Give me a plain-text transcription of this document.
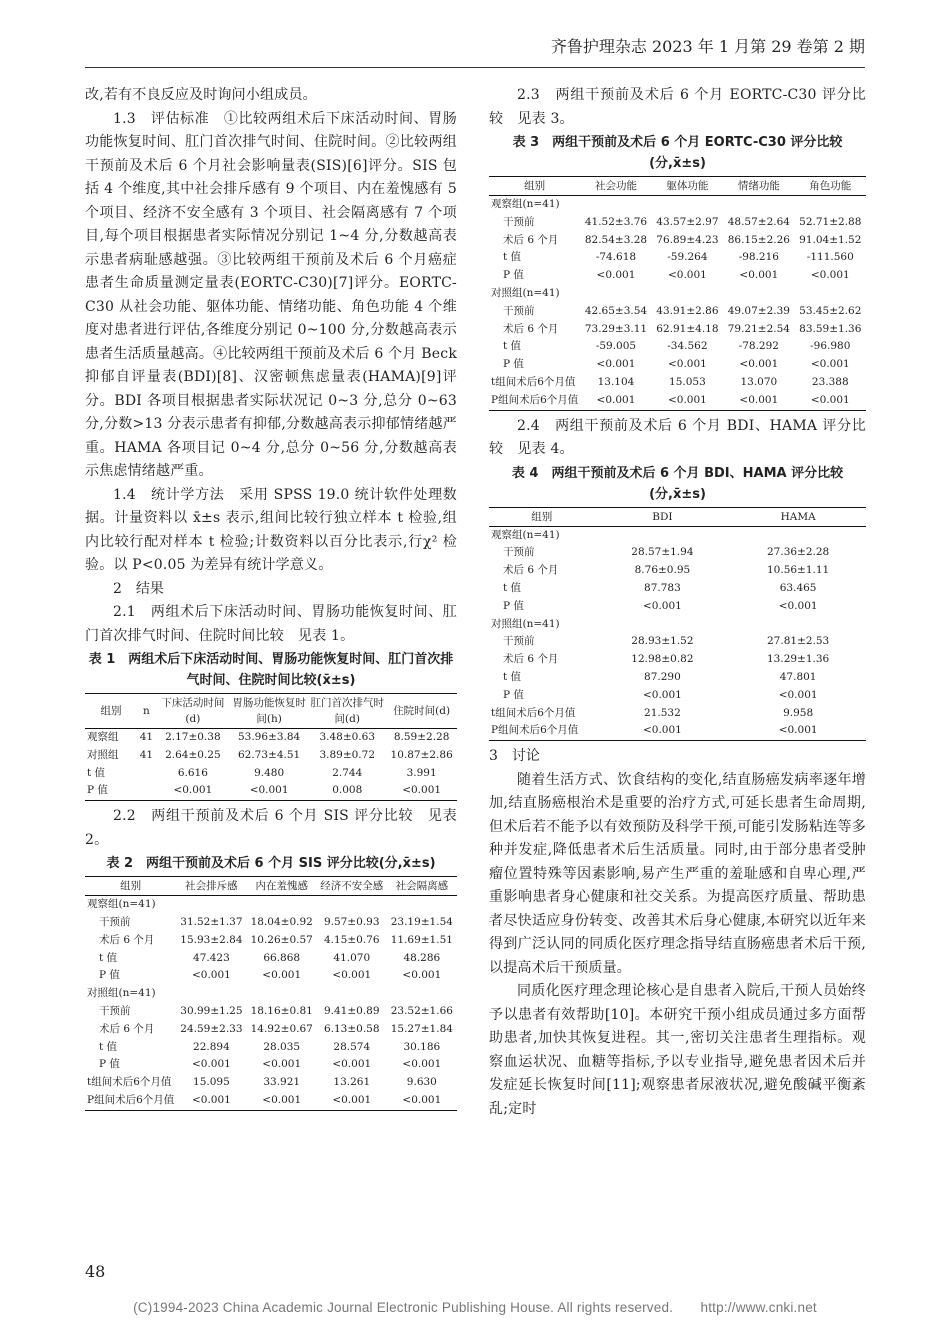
齐鲁护理杂志 2023 年 1 月第 29 卷第 2 期
改,若有不良反应及时询问小组成员。
1.3　评估标准　①比较两组术后下床活动时间、胃肠功能恢复时间、肛门首次排气时间、住院时间。②比较两组干预前及术后 6 个月社会影响量表(SIS)[6]评分。SIS 包括 4 个维度,其中社会排斥感有 9 个项目、内在羞愧感有 5 个项目、经济不安全感有 3 个项目、社会隔离感有 7 个项目,每个项目根据患者实际情况分别记 1~4 分,分数越高表示患者病耻感越强。③比较两组干预前及术后 6 个月癌症患者生命质量测定量表(EORTC-C30)[7]评分。EORTC-C30 从社会功能、躯体功能、情绪功能、角色功能 4 个维度对患者进行评估,各维度分别记 0~100 分,分数越高表示患者生活质量越高。④比较两组干预前及术后 6 个月 Beck 抑郁自评量表(BDI)[8]、汉密顿焦虑量表(HAMA)[9]评分。BDI 各项目根据患者实际状况记 0~3 分,总分 0~63 分,分数>13 分表示患者有抑郁,分数越高表示抑郁情绪越严重。HAMA 各项目记 0~4 分,总分 0~56 分,分数越高表示焦虑情绪越严重。
1.4　统计学方法　采用 SPSS 19.0 统计软件处理数据。计量资料以 x̄±s 表示,组间比较行独立样本 t 检验,组内比较行配对样本 t 检验;计数资料以百分比表示,行χ² 检验。以 P<0.05 为差异有统计学意义。
2　结果
2.1　两组术后下床活动时间、胃肠功能恢复时间、肛门首次排气时间、住院时间比较　见表 1。
表 1　两组术后下床活动时间、胃肠功能恢复时间、肛门首次排气时间、住院时间比较(x̄±s)
组别	n	下床活动时间(d)	胃肠功能恢复时间(h)	肛门首次排气时间(d)	住院时间(d)
观察组	41	2.17±0.38	53.96±3.84	3.48±0.63	8.59±2.28
对照组	41	2.64±0.25	62.73±4.51	3.89±0.72	10.87±2.86
t 值		6.616	9.480	2.744	3.991
P 值		<0.001	<0.001	0.008	<0.001
2.2　两组干预前及术后 6 个月 SIS 评分比较　见表 2。
表 2　两组干预前及术后 6 个月 SIS 评分比较(分,x̄±s)
组别	社会排斥感	内在羞愧感	经济不安全感	社会隔离感
观察组(n=41)				
干预前	31.52±1.37	18.04±0.92	9.57±0.93	23.19±1.54
术后 6 个月	15.93±2.84	10.26±0.57	4.15±0.76	11.69±1.51
t 值	47.423	66.868	41.070	48.286
P 值	<0.001	<0.001	<0.001	<0.001
对照组(n=41)				
干预前	30.99±1.25	18.16±0.81	9.41±0.89	23.52±1.66
术后 6 个月	24.59±2.33	14.92±0.67	6.13±0.58	15.27±1.84
t 值	22.894	28.035	28.574	30.186
P 值	<0.001	<0.001	<0.001	<0.001
t组间术后6个月值	15.095	33.921	13.261	9.630
P组间术后6个月值	<0.001	<0.001	<0.001	<0.001
2.3　两组干预前及术后 6 个月 EORTC-C30 评分比较　见表 3。
表 3　两组干预前及术后 6 个月 EORTC-C30 评分比较(分,x̄±s)
组别	社会功能	躯体功能	情绪功能	角色功能
观察组(n=41)				
干预前	41.52±3.76	43.57±2.97	48.57±2.64	52.71±2.88
术后 6 个月	82.54±3.28	76.89±4.23	86.15±2.26	91.04±1.52
t 值	-74.618	-59.264	-98.216	-111.560
P 值	<0.001	<0.001	<0.001	<0.001
对照组(n=41)				
干预前	42.65±3.54	43.91±2.86	49.07±2.39	53.45±2.62
术后 6 个月	73.29±3.11	62.91±4.18	79.21±2.54	83.59±1.36
t 值	-59.005	-34.562	-78.292	-96.980
P 值	<0.001	<0.001	<0.001	<0.001
t组间术后6个月值	13.104	15.053	13.070	23.388
P组间术后6个月值	<0.001	<0.001	<0.001	<0.001
2.4　两组干预前及术后 6 个月 BDI、HAMA 评分比较　见表 4。
表 4　两组干预前及术后 6 个月 BDI、HAMA 评分比较(分,x̄±s)
组别	BDI	HAMA
观察组(n=41)		
干预前	28.57±1.94	27.36±2.28
术后 6 个月	8.76±0.95	10.56±1.11
t 值	87.783	63.465
P 值	<0.001	<0.001
对照组(n=41)		
干预前	28.93±1.52	27.81±2.53
术后 6 个月	12.98±0.82	13.29±1.36
t 值	87.290	47.801
P 值	<0.001	<0.001
t组间术后6个月值	21.532	9.958
P组间术后6个月值	<0.001	<0.001
3　讨论
随着生活方式、饮食结构的变化,结直肠癌发病率逐年增加,结直肠癌根治术是重要的治疗方式,可延长患者生命周期,但术后若不能予以有效预防及科学干预,可能引发肠粘连等多种并发症,降低患者术后生活质量。同时,由于部分患者受肿瘤位置特殊等因素影响,易产生严重的羞耻感和自卑心理,严重影响患者身心健康和社交关系。为提高医疗质量、帮助患者尽快适应身份转变、改善其术后身心健康,本研究以近年来得到广泛认同的同质化医疗理念指导结直肠癌患者术后干预,以提高术后干预质量。
同质化医疗理念理论核心是自患者入院后,干预人员始终予以患者有效帮助[10]。本研究干预小组成员通过多方面帮助患者,加快其恢复进程。其一,密切关注患者生理指标。观察血运状况、血糖等指标,予以专业指导,避免患者因术后并发症延长恢复时间[11];观察患者尿液状况,避免酸碱平衡紊乱;定时
48
(C)1994-2023 China Academic Journal Electronic Publishing House. All rights reserved.　　http://www.cnki.net
